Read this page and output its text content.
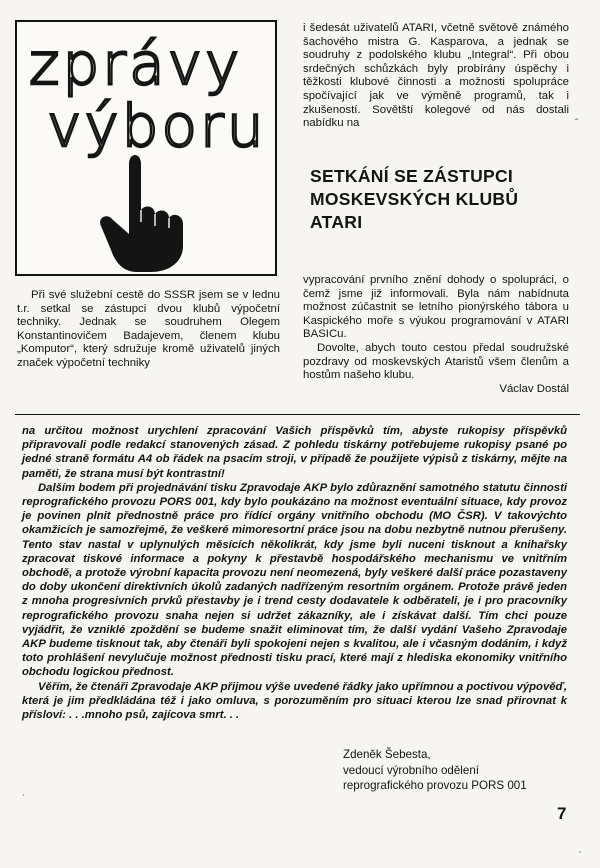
zprávy
výboru

i šedesát uživatelů ATARI, včetně světově známého šachového mistra G. Kasparova, a jednak se soudruhy z podolského klubu „Integral“. Při obou srdečných schůzkách byly probírány úspěchy i těžkosti klubové činnosti a možnosti spolupráce spočívající jak ve výměně programů, tak i zkušeností. Sovětští kolegové od nás dostali nabídku na	ˆ
SETKÁNÍ SE ZÁSTUPCI
MOSKEVSKÝCH KLUBŮ
ATARI

Při své služební cestě do SSSR jsem se v lednu t.r. setkal se zástupci dvou klubů výpočetní techniky. Jednak se soudruhem Olegem Konstantinovičem Badajevem, členem klubu „Komputor“, který sdružuje kromě uživatelů jiných značek výpočetní techniky

vypracování prvního znění dohody o spolupráci, o čemž jsme již informovali. Byla nám nabídnuta možnost zúčastnit se letního pionýrského tábora u Kaspického moře s výukou programování v ATARI BASICu.

Dovolte, abych touto cestou předal soudružské pozdravy od moskevských Ataristů všem členům a hostům našeho klubu.

Václav Dostál

na určitou možnost urychlení zpracování Vašich příspěvků tím, abyste rukopisy příspěvků připravovali podle redakcí stanovených zásad. Z pohledu tiskárny potřebujeme rukopisy psané po jedné straně formátu A4 ob řádek na psacím stroji, v případě že použijete výpisů z tiskárny, mějte na paměti, že strana musí být kontrastní!

Dalším bodem při projednávání tisku Zpravodaje AKP bylo zdůraznění samotného statutu činnosti reprografického provozu PORS 001, kdy bylo poukázáno na možnost eventuální situace, kdy provoz je povinen plnit přednostně práce pro řídící orgány vnitřního obchodu (MO ČSR). V takovýchto okamžicích je samozřejmé, že veškeré mimoresortní práce jsou na dobu nezbytně nutnou přerušeny. Tento stav nastal v uplynulých měsících několikrát, kdy jsme byli nuceni tisknout a knihařsky zpracovat tiskové informace a pokyny k přestavbě hospodářského mechanismu ve vnitřním obchodě, a protože výrobní kapacita provozu není neomezená, byly veškeré další práce pozastaveny do doby ukončení direktivních úkolů zadaných nadřízeným resortním orgánem. Protože právě jeden z mnoha progresivních prvků přestavby je i trend cesty dodavatele k odběrateli, je i pro pracovníky reprografického provozu snaha nejen si udržet zákazníky, ale i získávat další. Tím chci pouze vyjádřit, že vzniklé zpoždění se budeme snažit eliminovat tím, že další vydání Vašeho Zpravodaje AKP budeme tisknout tak, aby čtenáři byli spokojeni nejen s kvalitou, ale i včasným dodáním, i když toto prohlášení nevylučuje možnost přednosti tisku prací, které mají z hlediska ekonomiky vnitřního obchodu logickou přednost.

Věřím, že čtenáři Zpravodaje AKP přijmou výše uvedené řádky jako upřímnou a poctivou výpověď, která je jim předkládána též i jako omluva, s porozuměním pro situaci kterou lze snad přirovnat k přísloví: . . .mnoho psů, zajícova smrt. . .

Zdeněk Šebesta,
vedoucí výrobního odělení
reprografického provozu PORS 001
ˌ
ˏ
7
